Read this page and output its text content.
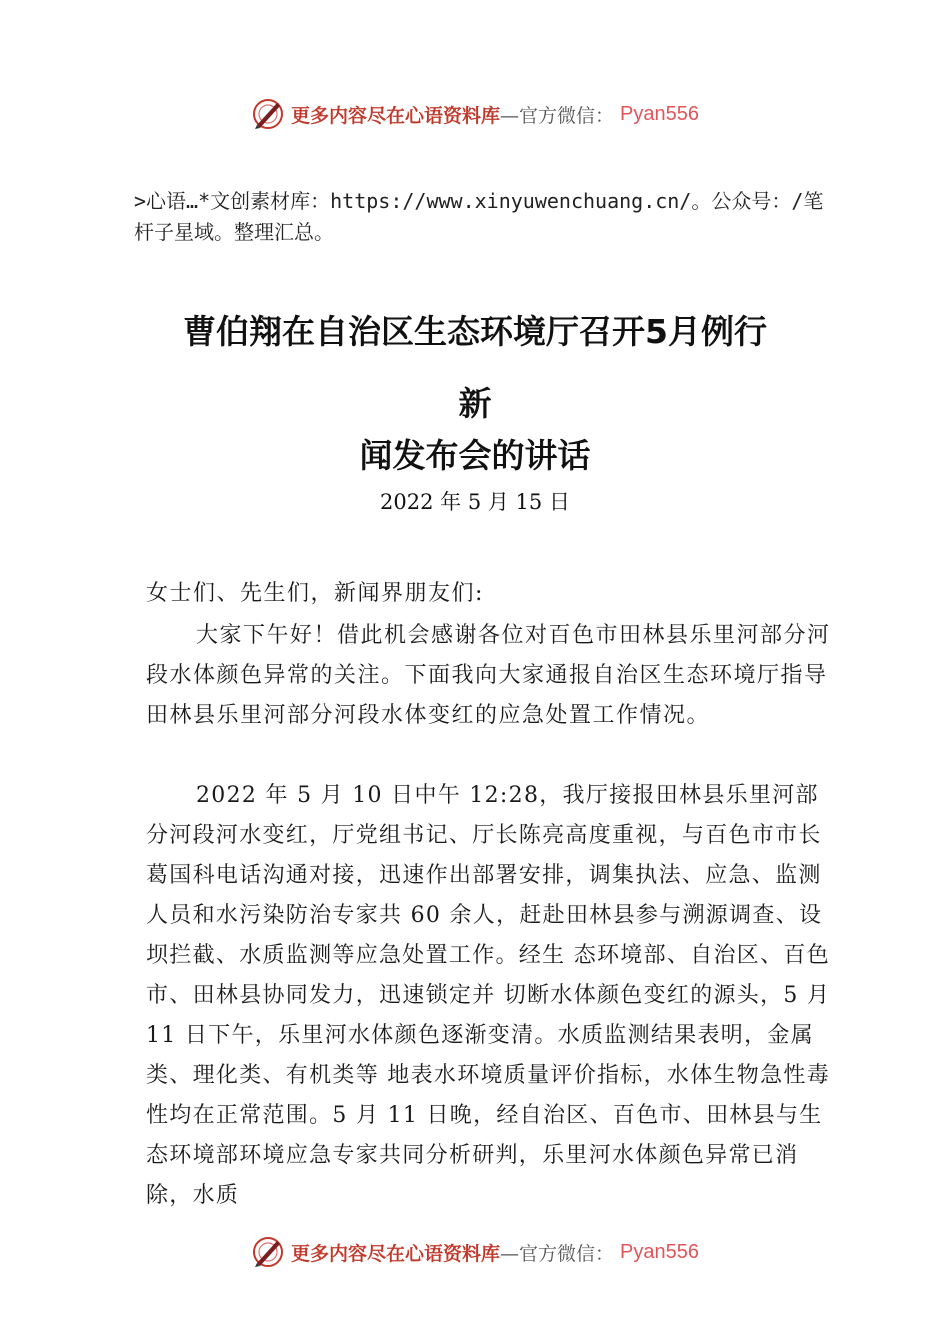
更多内容尽在心语资料库—官方微信： Pyan556
>心语…*文创素材库：https://www.xinyuwenchuang.cn/。公众号：/笔杆子星域。整理汇总。
曹伯翔在自治区生态环境厅召开5月例行
新
闻发布会的讲话
2022 年 5 月 15 日
女士们、先生们，新闻界朋友们:
大家下午好！借此机会感谢各位对百色市田林县乐里河部分河段水体颜色异常的关注。下面我向大家通报自治区生态环境厅指导田林县乐里河部分河段水体变红的应急处置工作情况。
2022 年 5 月 10 日中午 12:28，我厅接报田林县乐里河部分河段河水变红，厅党组书记、厅长陈亮高度重视，与百色市市长葛国科电话沟通对接，迅速作出部署安排，调集执法、应急、监测人员和水污染防治专家共 60 余人，赶赴田林县参与溯源调查、设坝拦截、水质监测等应急处置工作。经生 态环境部、自治区、百色市、田林县协同发力，迅速锁定并 切断水体颜色变红的源头，5 月 11 日下午，乐里河水体颜色逐渐变清。水质监测结果表明，金属类、理化类、有机类等 地表水环境质量评价指标，水体生物急性毒性均在正常范围。5 月 11 日晚，经自治区、百色市、田林县与生态环境部环境应急专家共同分析研判，乐里河水体颜色异常已消除，水质
更多内容尽在心语资料库—官方微信： Pyan556
